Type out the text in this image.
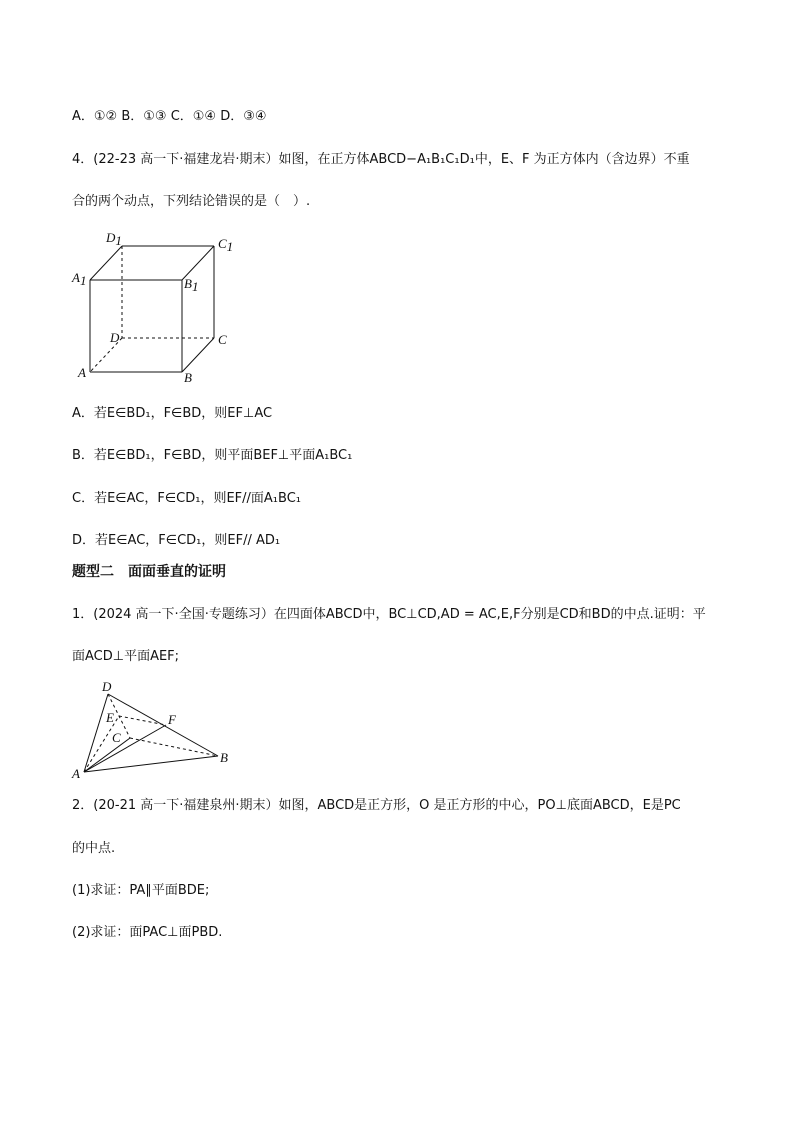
A．①② B．①③ C．①④ D．③④
4．(22-23 高一下·福建龙岩·期末）如图，在正方体ABCD−A₁B₁C₁D₁中，E、F 为正方体内（含边界）不重
合的两个动点，下列结论错误的是（　）.
D1	C1
A1	B1
D	C
A	B
A．若E∈BD₁，F∈BD，则EF⊥AC
B．若E∈BD₁，F∈BD，则平面BEF⊥平面A₁BC₁
C．若E∈AC，F∈CD₁，则EF//面A₁BC₁
D．若E∈AC，F∈CD₁，则EF// AD₁
题型二　面面垂直的证明
1．(2024 高一下·全国·专题练习）在四面体ABCD中，BC⊥CD,AD = AC,E,F分别是CD和BD的中点.证明：平
面ACD⊥平面AEF;
D
E	F
C
A
B
2．(20-21 高一下·福建泉州·期末）如图，ABCD是正方形，O 是正方形的中心，PO⊥底面ABCD，E是PC
的中点.
(1)求证：PA∥平面BDE;
(2)求证：面PAC⊥面PBD.
